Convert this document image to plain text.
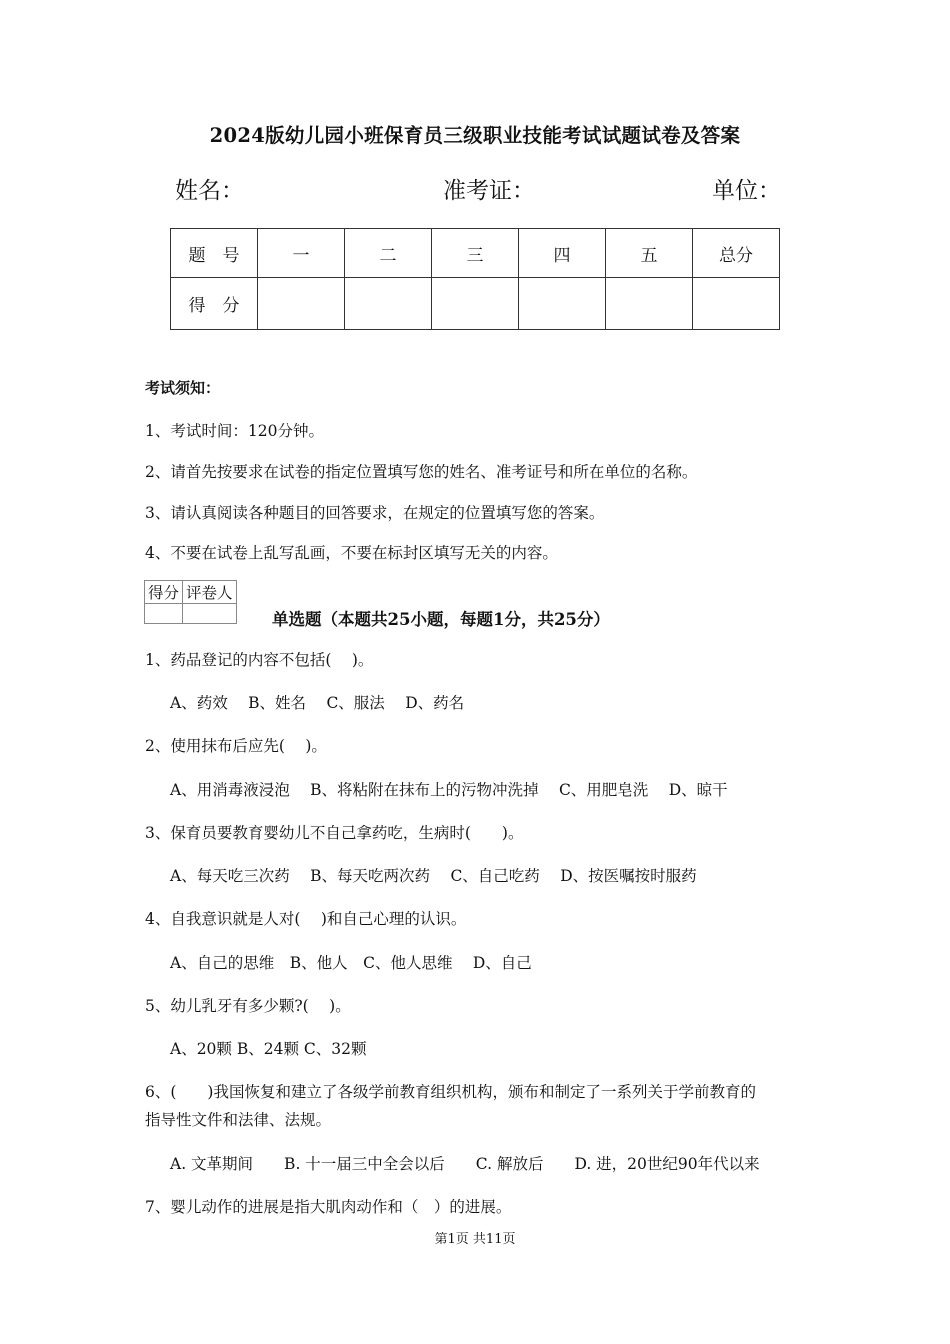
2024版幼儿园小班保育员三级职业技能考试试题试卷及答案
姓名：	准考证：	单位：
题　号	一	二	三	四	五	总分
得　分						
考试须知：
1、考试时间：120分钟。
2、请首先按要求在试卷的指定位置填写您的姓名、准考证号和所在单位的名称。
3、请认真阅读各种题目的回答要求，在规定的位置填写您的答案。
4、不要在试卷上乱写乱画，不要在标封区填写无关的内容。
得分	评卷人

单选题（本题共25小题，每题1分，共25分）
1、药品登记的内容不包括(　 )。
A、药效　 B、姓名　 C、服法　 D、药名
2、使用抹布后应先(　 )。
A、用消毒液浸泡　 B、将粘附在抹布上的污物冲洗掉　 C、用肥皂洗　 D、晾干
3、保育员要教育婴幼儿不自己拿药吃，生病时(　　)。
A、每天吃三次药　 B、每天吃两次药　 C、自己吃药　 D、按医嘱按时服药
4、自我意识就是人对(　 )和自己心理的认识。
A、自己的思维　B、他人　C、他人思维　 D、自己
5、幼儿乳牙有多少颗?(　 )。
A、20颗 B、24颗 C、32颗
6、(　　)我国恢复和建立了各级学前教育组织机构，颁布和制定了一系列关于学前教育的
指导性文件和法律、法规。
A. 文革期间　　B. 十一届三中全会以后　　C. 解放后　　D. 进，20世纪90年代以来
7、婴儿动作的进展是指大肌肉动作和（　）的进展。
第1页 共11页
